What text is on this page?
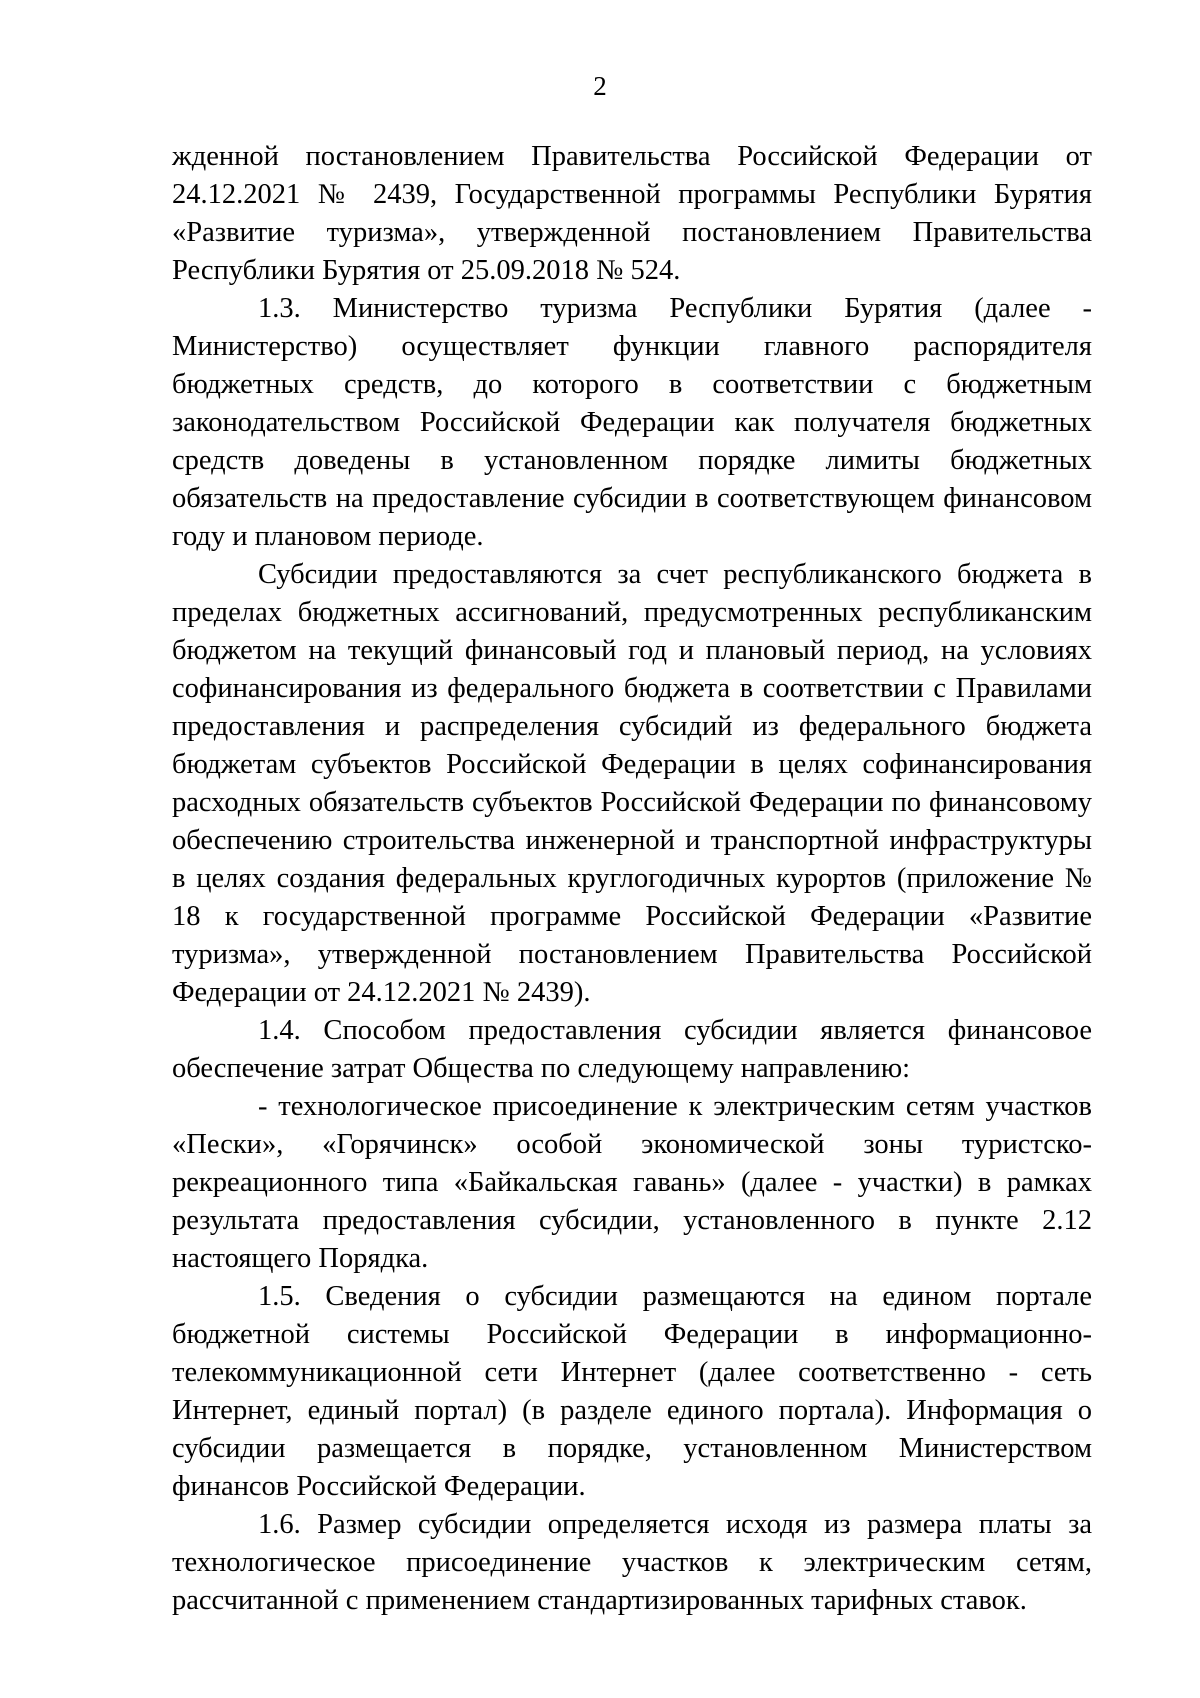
2

жденной постановлением Правительства Российской Федерации от 24.12.2021 № 2439, Государственной программы Республики Бурятия «Развитие туризма», утвержденной постановлением Правительства Республики Бурятия от 25.09.2018 № 524.

1.3. Министерство туризма Республики Бурятия (далее - Министерство) осуществляет функции главного распорядителя бюджетных средств, до которого в соответствии с бюджетным законодательством Российской Федерации как получателя бюджетных средств доведены в установленном порядке лимиты бюджетных обязательств на предоставление субсидии в соответствующем финансовом году и плановом периоде.

Субсидии предоставляются за счет республиканского бюджета в пределах бюджетных ассигнований, предусмотренных республиканским бюджетом на текущий финансовый год и плановый период, на условиях софинансирования из федерального бюджета в соответствии с Правилами предоставления и распределения субсидий из федерального бюджета бюджетам субъектов Российской Федерации в целях софинансирования расходных обязательств субъектов Российской Федерации по финансовому обеспечению строительства инженерной и транспортной инфраструктуры в целях создания федеральных круглогодичных курортов (приложение № 18 к государственной программе Российской Федерации «Развитие туризма», утвержденной постановлением Правительства Российской Федерации от 24.12.2021 № 2439).

1.4. Способом предоставления субсидии является финансовое обеспечение затрат Общества по следующему направлению:

- технологическое присоединение к электрическим сетям участков «Пески», «Горячинск» особой экономической зоны туристско-рекреационного типа «Байкальская гавань» (далее - участки) в рамках результата предоставления субсидии, установленного в пункте 2.12 настоящего Порядка.

1.5. Сведения о субсидии размещаются на едином портале бюджетной системы Российской Федерации в информационно-телекоммуникационной сети Интернет (далее соответственно - сеть Интернет, единый портал) (в разделе единого портала). Информация о субсидии размещается в порядке, установленном Министерством финансов Российской Федерации.

1.6. Размер субсидии определяется исходя из размера платы за технологическое присоединение участков к электрическим сетям, рассчитанной с применением стандартизированных тарифных ставок.
